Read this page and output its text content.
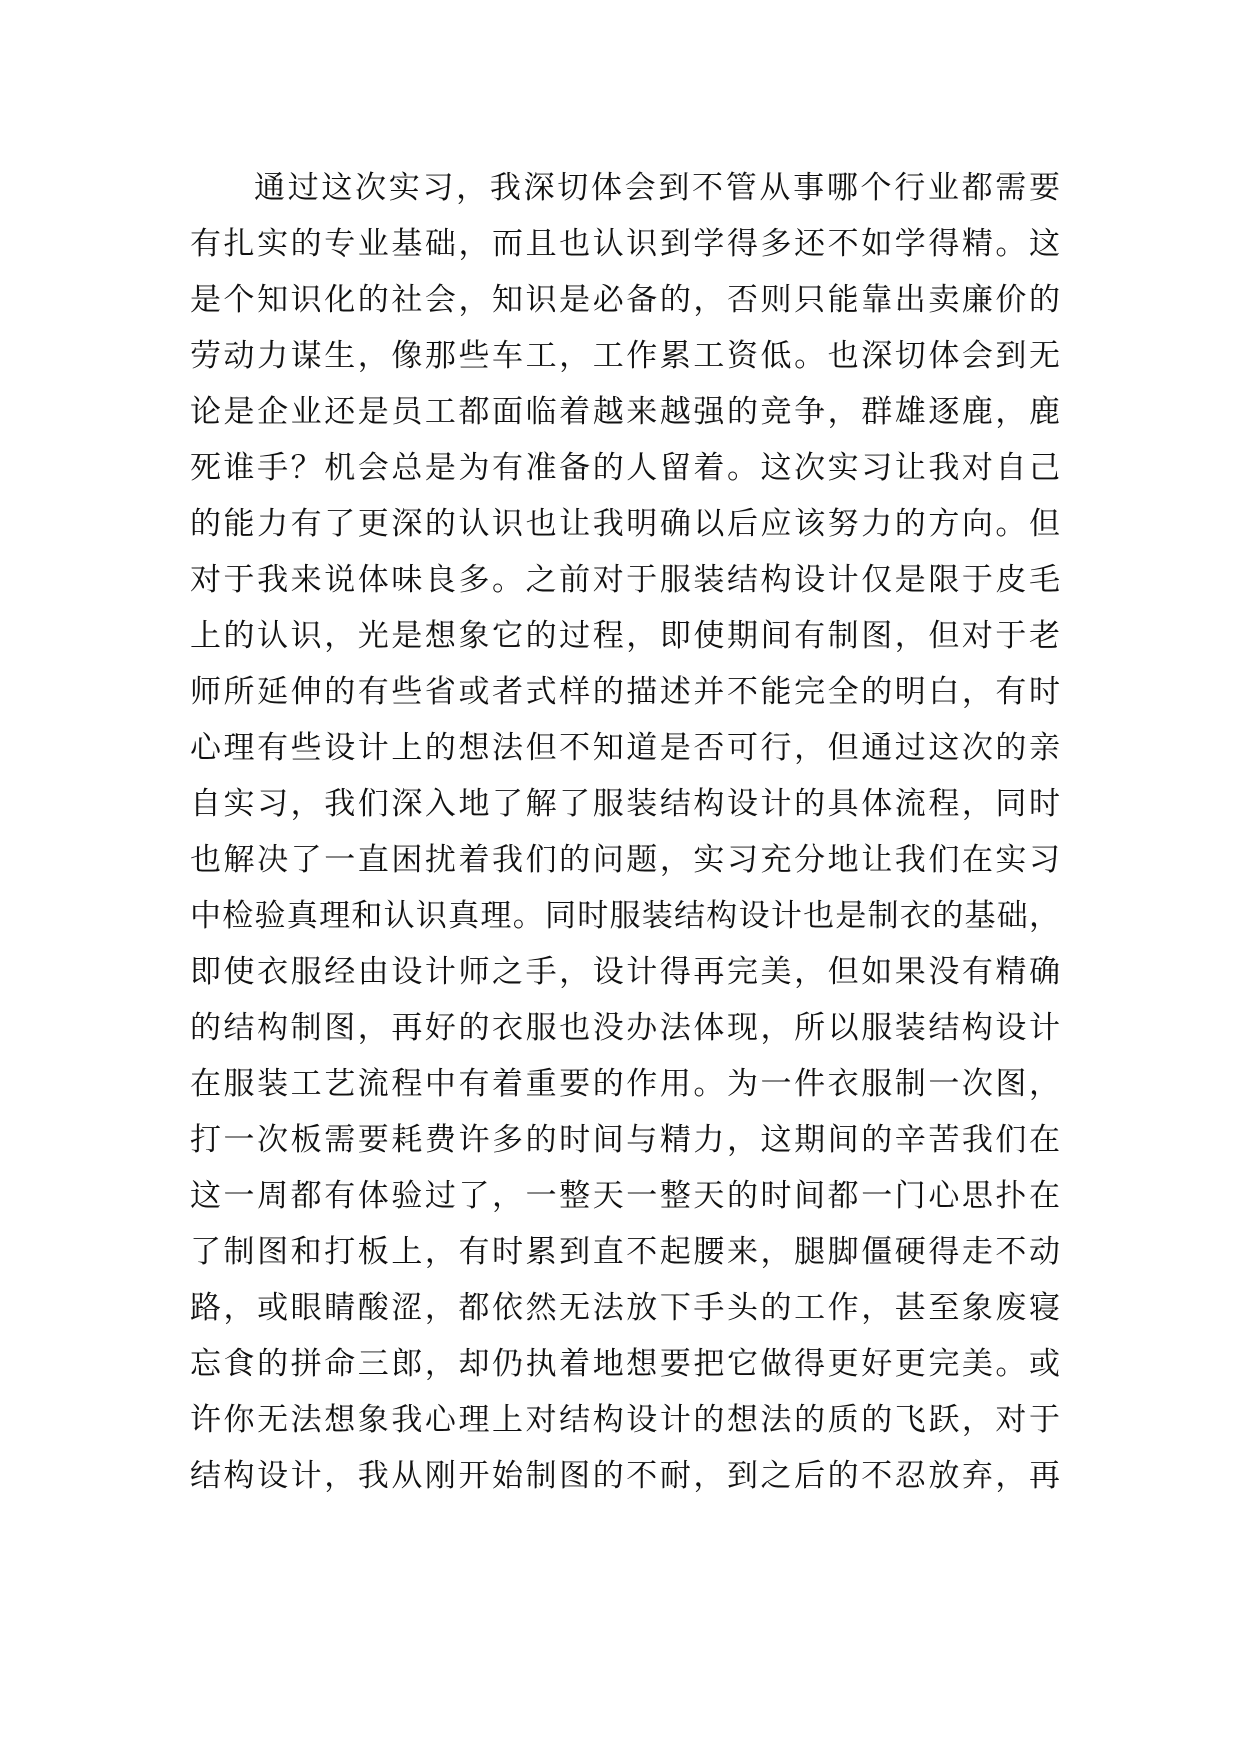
通过这次实习，我深切体会到不管从事哪个行业都需要
有扎实的专业基础，而且也认识到学得多还不如学得精。这
是个知识化的社会，知识是必备的，否则只能靠出卖廉价的
劳动力谋生，像那些车工，工作累工资低。也深切体会到无
论是企业还是员工都面临着越来越强的竞争，群雄逐鹿，鹿
死谁手？机会总是为有准备的人留着。这次实习让我对自己
的能力有了更深的认识也让我明确以后应该努力的方向。但
对于我来说体味良多。之前对于服装结构设计仅是限于皮毛
上的认识，光是想象它的过程，即使期间有制图，但对于老
师所延伸的有些省或者式样的描述并不能完全的明白，有时
心理有些设计上的想法但不知道是否可行，但通过这次的亲
自实习，我们深入地了解了服装结构设计的具体流程，同时
也解决了一直困扰着我们的问题，实习充分地让我们在实习
中检验真理和认识真理。同时服装结构设计也是制衣的基础，
即使衣服经由设计师之手，设计得再完美，但如果没有精确
的结构制图，再好的衣服也没办法体现，所以服装结构设计
在服装工艺流程中有着重要的作用。为一件衣服制一次图，
打一次板需要耗费许多的时间与精力，这期间的辛苦我们在
这一周都有体验过了，一整天一整天的时间都一门心思扑在
了制图和打板上，有时累到直不起腰来，腿脚僵硬得走不动
路，或眼睛酸涩，都依然无法放下手头的工作，甚至象废寝
忘食的拼命三郎，却仍执着地想要把它做得更好更完美。或
许你无法想象我心理上对结构设计的想法的质的飞跃，对于
结构设计，我从刚开始制图的不耐，到之后的不忍放弃，再
